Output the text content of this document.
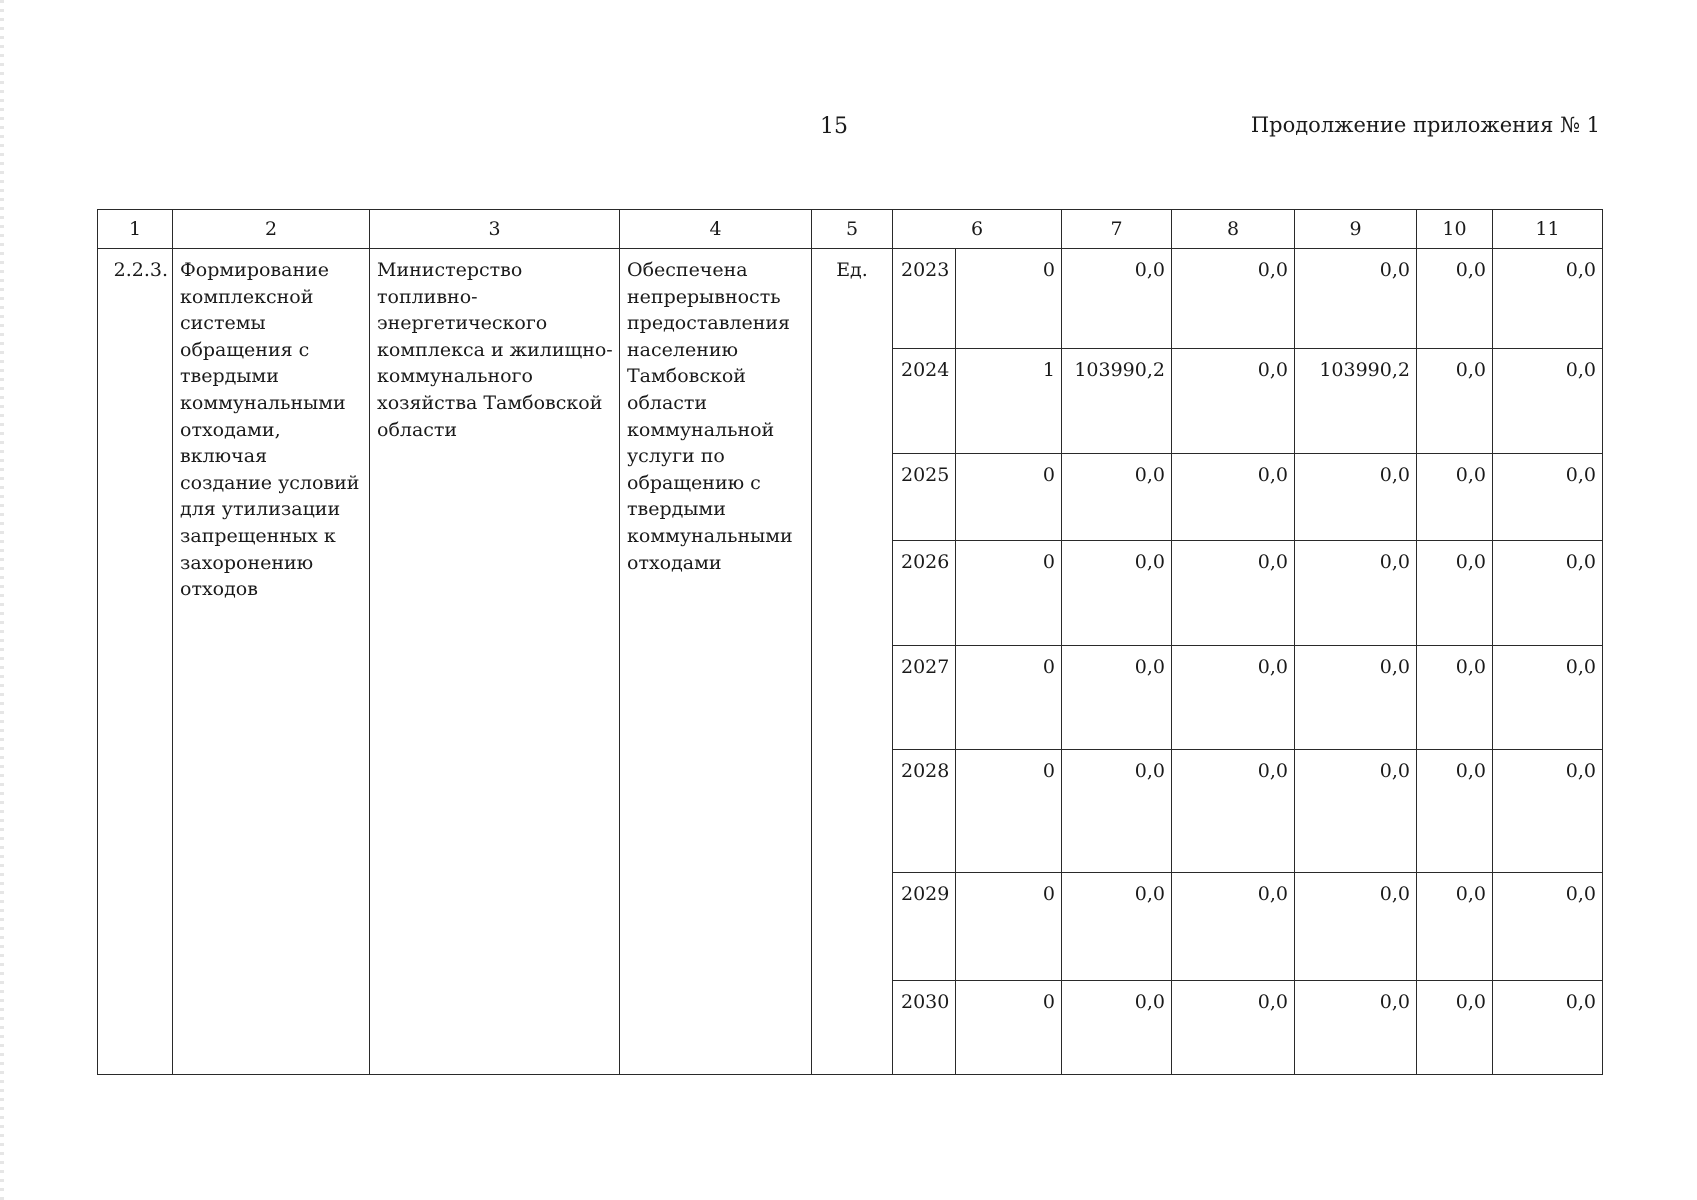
15	Продолжение приложения № 1
1	2	3	4	5	6		7	8	9	10	11
2.2.3.	Формирование комплексной системы обращения с твердыми коммунальными отходами, включая создание условий для утилизации запрещенных к захоронению отходов	Министерство топливно-энергетического комплекса и жилищно-коммунального хозяйства Тамбовской области	Обеспечена непрерывность предоставления населению Тамбовской области коммунальной услуги по обращению с твердыми коммунальными отходами	Ед.	2023	0	0,0	0,0	0,0	0,0	0,0
					2024	1	103990,2	0,0	103990,2	0,0	0,0
					2025	0	0,0	0,0	0,0	0,0	0,0
					2026	0	0,0	0,0	0,0	0,0	0,0
					2027	0	0,0	0,0	0,0	0,0	0,0
					2028	0	0,0	0,0	0,0	0,0	0,0
					2029	0	0,0	0,0	0,0	0,0	0,0
					2030	0	0,0	0,0	0,0	0,0	0,0
